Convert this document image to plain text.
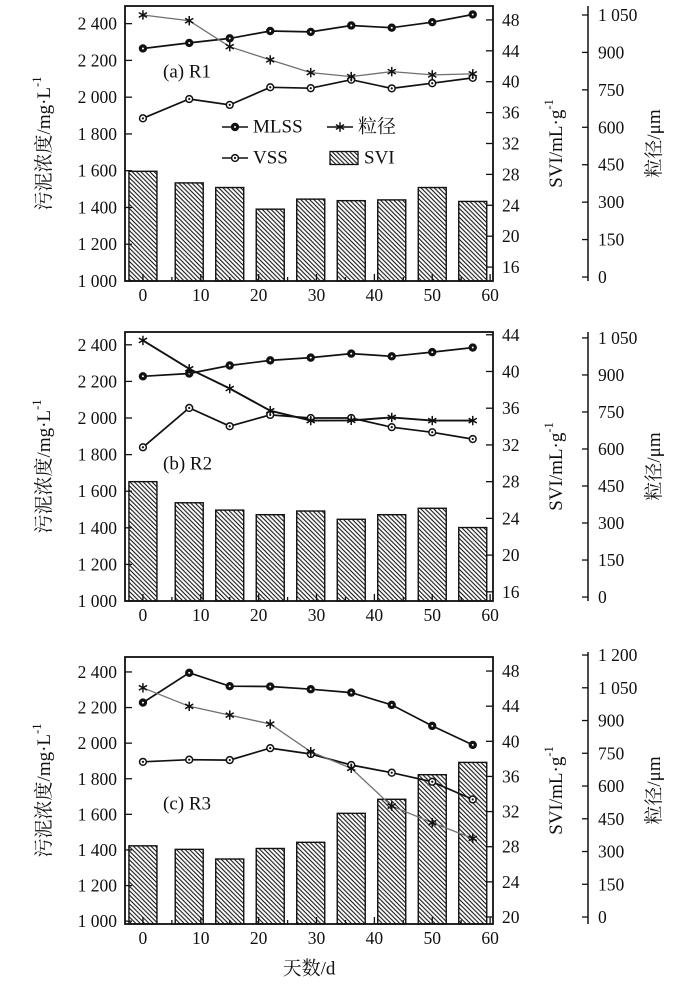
1 000
1 200
1 400
1 600
1 800
2 000
2 200
2 400
16
20
24
28
32
36
40
44
48
0	10 20 30 40 50 60
0
150
300
450
600
750
900
1 050
污泥浓度$/mg\cdot L^{-1}$
SVI/$mL\cdot g^{-1}$
粒径/μm
(a) R1
MLSS	粒径
VSS	SVI
1 000
1 200
1 400
1 600
1 800
2 000
2 200
2 400
16
20
24
28
32
36
40
44
0	10 20 30 40 50 60
0
150
300
450
600
750
900
1 050
污泥浓度$/mg\cdot L^{-1}$
SVI/$mL\cdot g^{-1}$
粒径/μm
(b) R2
1 000
1 200
1 400
1 600
1 800
2 000
2 200
2 400
20
24
28
32
36
40
44
48
0	10 20 30 40 50 60
0
150
300
450
600
750
900
1 050
1 200
污泥浓度$/mg\cdot L^{-1}$
SVI/$mL\cdot g^{-1}$
粒径/μm
(c) R3
天数/d
